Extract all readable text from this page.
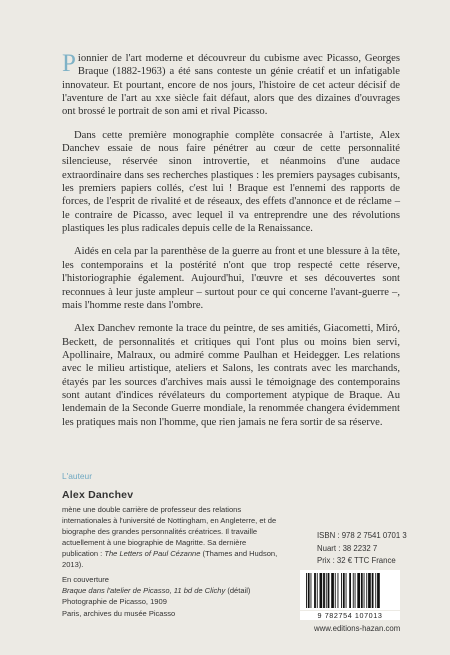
Pionnier de l'art moderne et découvreur du cubisme avec Picasso, Georges Braque (1882-1963) a été sans conteste un génie créatif et un infatigable innovateur. Et pourtant, encore de nos jours, l'histoire de cet acteur décisif de l'aventure de l'art au xxe siècle fait défaut, alors que des dizaines d'ouvrages ont brossé le portrait de son ami et rival Picasso.

Dans cette première monographie complète consacrée à l'artiste, Alex Danchev essaie de nous faire pénétrer au cœur de cette personnalité silencieuse, réservée sinon introvertie, et néanmoins d'une audace extraordinaire dans ses recherches plastiques : les premiers paysages cubisants, les premiers papiers collés, c'est lui ! Braque est l'ennemi des rapports de forces, de l'esprit de rivalité et de réseaux, des effets d'annonce et de réclame – le contraire de Picasso, avec lequel il va entreprendre une des révolutions plastiques les plus radicales depuis celle de la Renaissance.

Aidés en cela par la parenthèse de la guerre au front et une blessure à la tête, les contemporains et la postérité n'ont que trop respecté cette réserve, l'historiographie également. Aujourd'hui, l'œuvre et ses découvertes sont reconnues à leur juste ampleur – surtout pour ce qui concerne l'avant-guerre –, mais l'homme reste dans l'ombre.

Alex Danchev remonte la trace du peintre, de ses amitiés, Giacometti, Miró, Beckett, de personnalités et critiques qui l'ont plus ou moins bien servi, Apollinaire, Malraux, ou admiré comme Paulhan et Heidegger. Les relations avec le milieu artistique, ateliers et Salons, les contrats avec les marchands, étayés par les sources d'archives mais aussi le témoignage des contemporains sont autant d'indices révélateurs du comportement atypique de Braque. Au lendemain de la Seconde Guerre mondiale, la renommée changera évidemment les pratiques mais non l'homme, que rien jamais ne fera sortir de sa réserve.

L'auteur
Alex Danchev
mène une double carrière de professeur des relations internationales à l'université de Nottingham, en Angleterre, et de biographe des grandes personnalités créatrices. Il travaille actuellement à une biographie de Magritte. Sa dernière publication : The Letters of Paul Cézanne (Thames and Hudson, 2013).
En couverture
Braque dans l'atelier de Picasso, 11 bd de Clichy (détail)
Photographie de Picasso, 1909
Paris, archives du musée Picasso
ISBN : 978 2 7541 0701 3
Nuart : 38 2232 7
Prix : 32 € TTC France
9 782754 107013
www.editions-hazan.com
